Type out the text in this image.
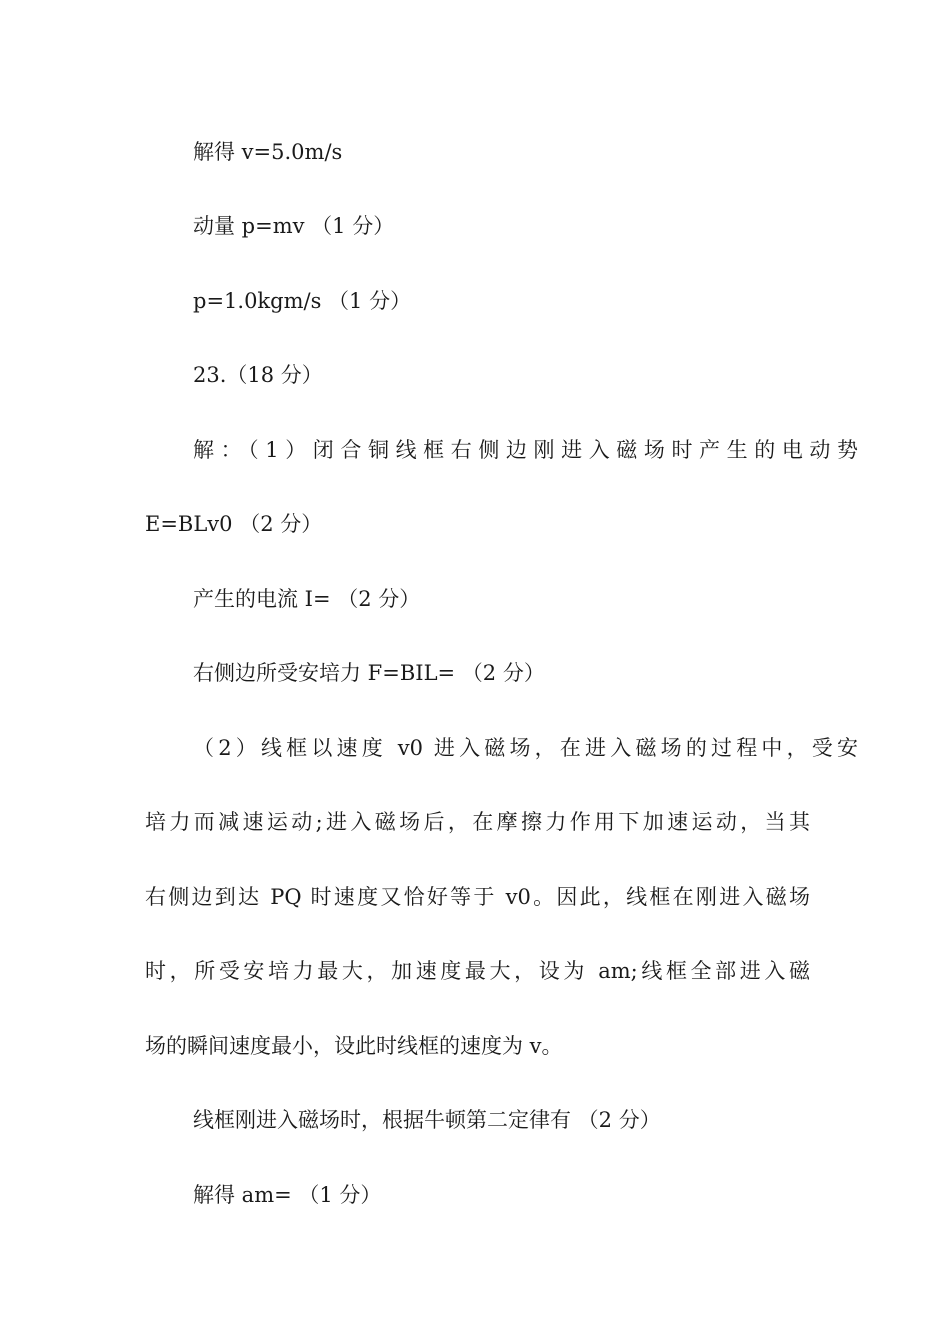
解得 v=5.0m/s
动量 p=mv （1 分）
p=1.0kgm/s （1 分）
23.（18 分）
解：（1）闭合铜线框右侧边刚进入磁场时产生的电动势
E=BLv0 （2 分）
产生的电流 I= （2 分）
右侧边所受安培力 F=BIL= （2 分）
（2）线框以速度 v0 进入磁场，在进入磁场的过程中，受安
培力而减速运动;进入磁场后，在摩擦力作用下加速运动，当其
右侧边到达 PQ 时速度又恰好等于 v0。因此，线框在刚进入磁场
时，所受安培力最大，加速度最大，设为 am;线框全部进入磁
场的瞬间速度最小，设此时线框的速度为 v。
线框刚进入磁场时，根据牛顿第二定律有 （2 分）
解得 am= （1 分）
